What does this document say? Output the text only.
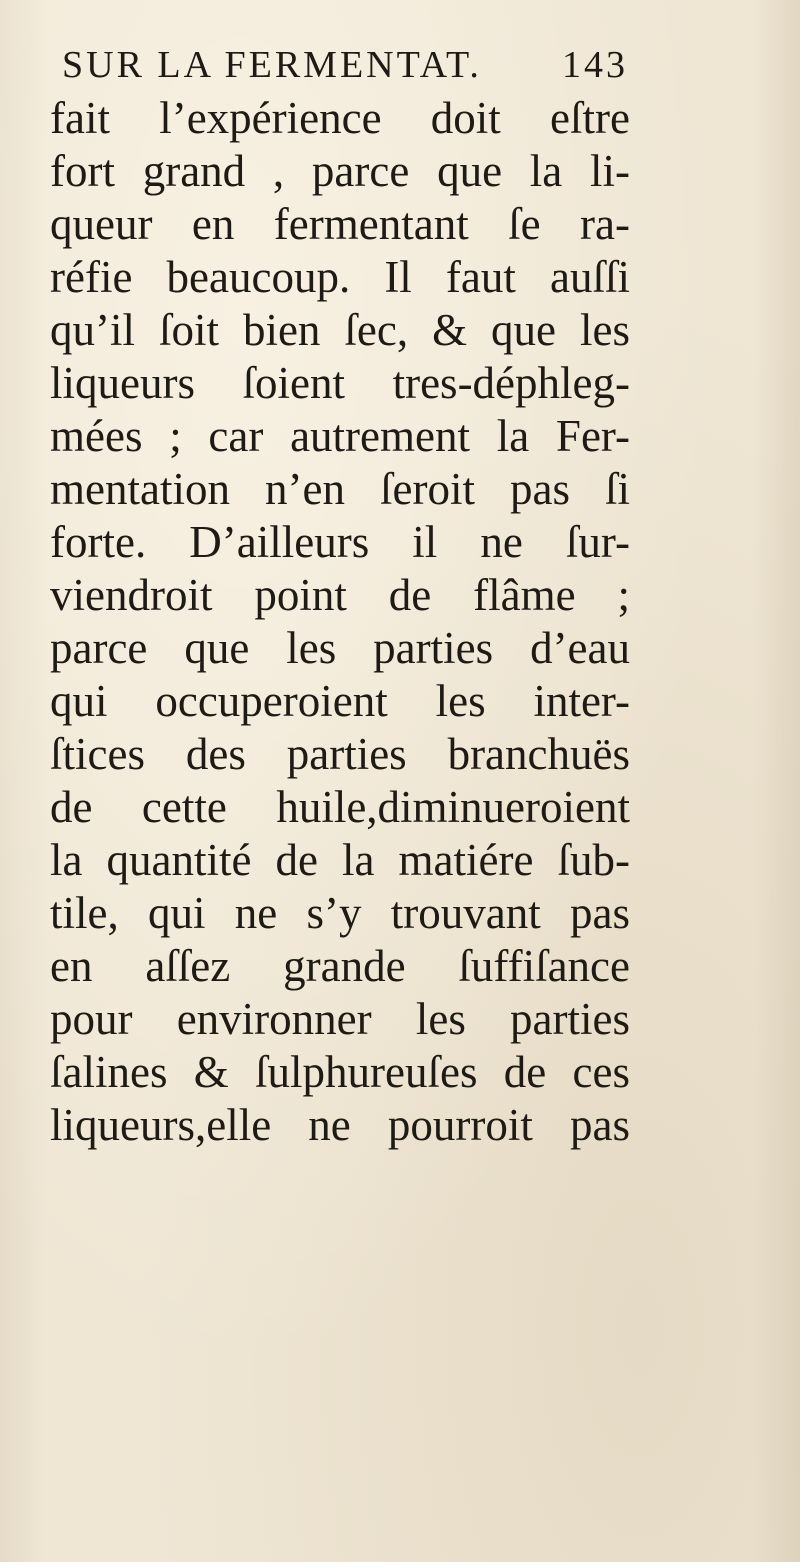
SUR LA FERMENTAT. 143
fait l’expérience doit eſtre
fort grand , parce que la li-
queur en fermentant ſe ra-
réfie beaucoup. Il faut auſſi
qu’il ſoit bien ſec, & que les
liqueurs ſoient tres-déphleg-
mées ; car autrement la Fer-
mentation n’en ſeroit pas ſi
forte. D’ailleurs il ne ſur-
viendroit point de flâme ;
parce que les parties d’eau
qui occuperoient les inter-
ſtices des parties branchuës
de cette huile,diminueroient
la quantité de la matiére ſub-
tile, qui ne s’y trouvant pas
en aſſez grande ſuffiſance
pour environner les parties
ſalines & ſulphureuſes de ces
liqueurs,elle ne pourroit pas
